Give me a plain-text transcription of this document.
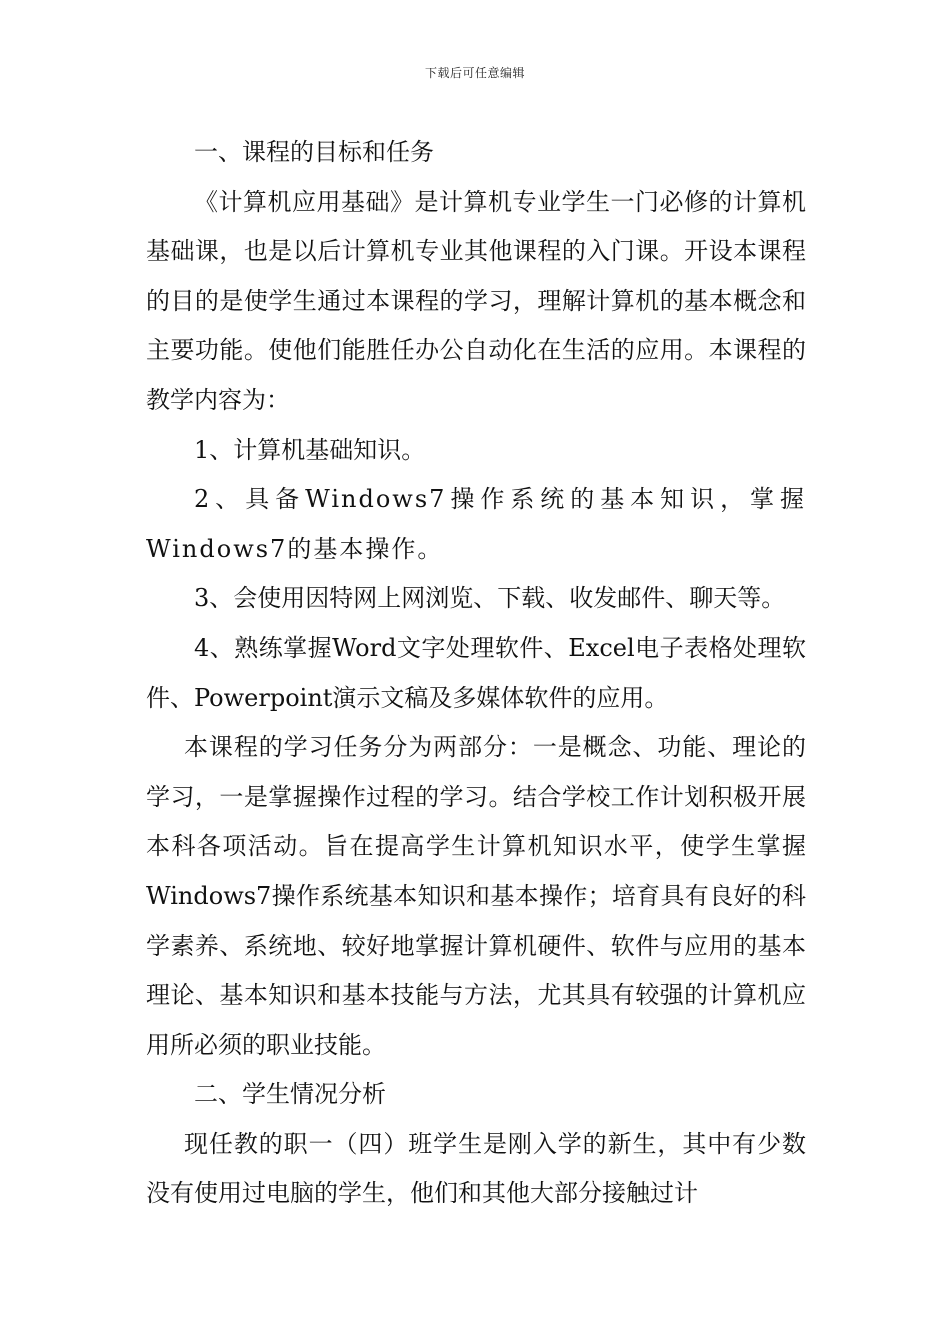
下载后可任意编辑

一、课程的目标和任务

《计算机应用基础》是计算机专业学生一门必修的计算机基础课，也是以后计算机专业其他课程的入门课。开设本课程的目的是使学生通过本课程的学习，理解计算机的基本概念和主要功能。使他们能胜任办公自动化在生活的应用。本课程的教学内容为：

1、计算机基础知识。

2、具备Windows7操作系统的基本知识，掌握Windows7的基本操作。

3、会使用因特网上网浏览、下载、收发邮件、聊天等。

4、熟练掌握Word文字处理软件、Excel电子表格处理软件、Powerpoint演示文稿及多媒体软件的应用。

本课程的学习任务分为两部分：一是概念、功能、理论的学习，一是掌握操作过程的学习。结合学校工作计划积极开展本科各项活动。旨在提高学生计算机知识水平，使学生掌握Windows7操作系统基本知识和基本操作；培育具有良好的科学素养、系统地、较好地掌握计算机硬件、软件与应用的基本理论、基本知识和基本技能与方法，尤其具有较强的计算机应用所必须的职业技能。

二、学生情况分析

现任教的职一（四）班学生是刚入学的新生，其中有少数没有使用过电脑的学生，他们和其他大部分接触过计
